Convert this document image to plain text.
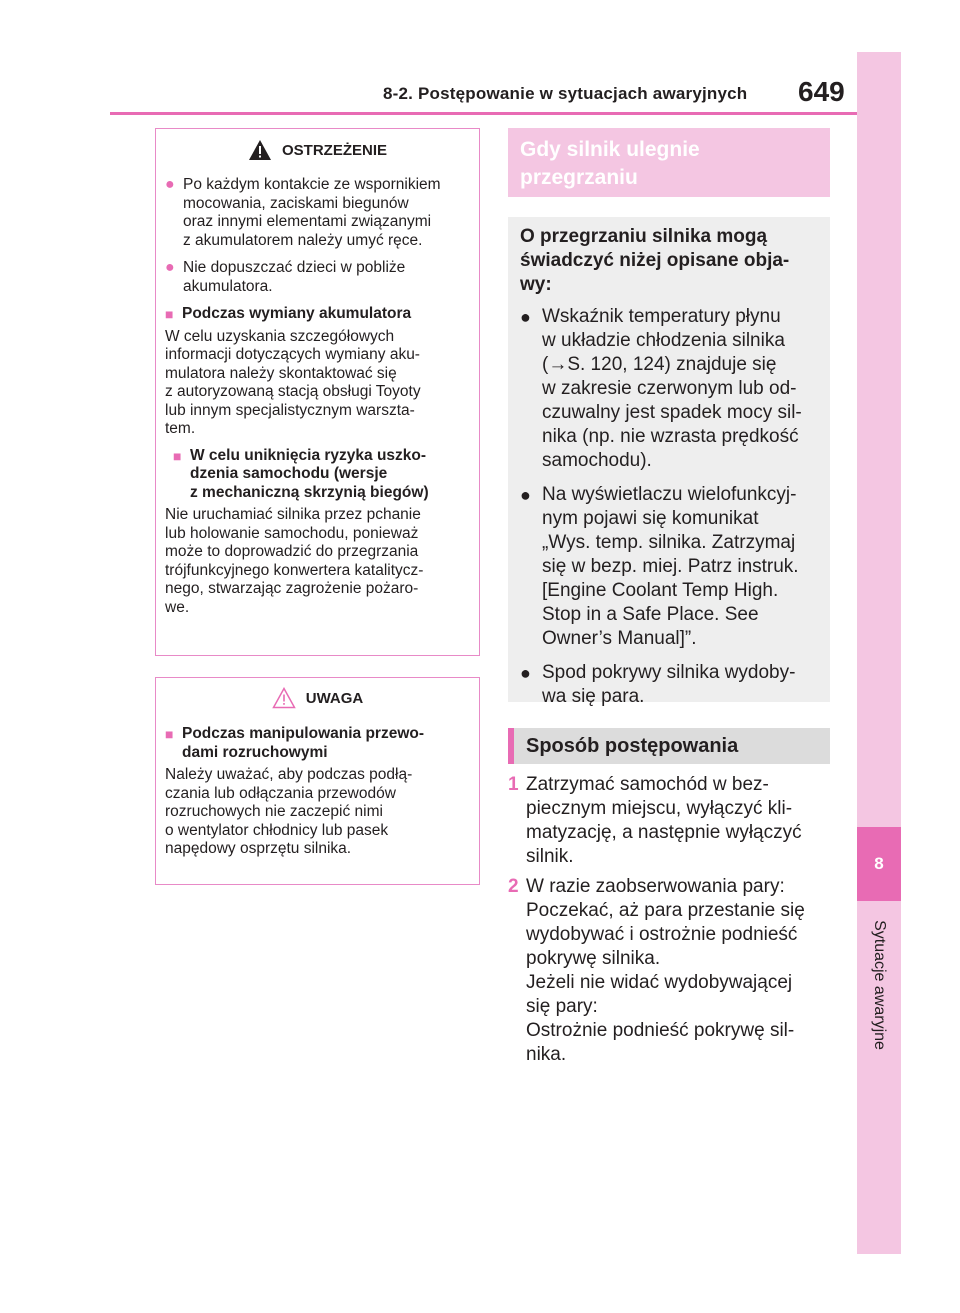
8-2. Postępowanie w sytuacjach awaryjnych 649
8
Sytuacje awaryjne
OSTRZEŻENIE
● Po każdym kontakcie ze wspornikiem
mocowania, zaciskami biegunów
oraz innymi elementami związanymi
z akumulatorem należy umyć ręce.
● Nie dopuszczać dzieci w pobliże
akumulatora.
■ Podczas wymiany akumulatora
W celu uzyskania szczegółowych
informacji dotyczących wymiany aku-
mulatora należy skontaktować się
z autoryzowaną stacją obsługi Toyoty
lub innym specjalistycznym warszta-
tem.
■ W celu uniknięcia ryzyka uszko-
dzenia samochodu (wersje
z mechaniczną skrzynią biegów)
Nie uruchamiać silnika przez pchanie
lub holowanie samochodu, ponieważ
może to doprowadzić do przegrzania
trójfunkcyjnego konwertera katalitycz-
nego, stwarzając zagrożenie pożaro-
we.
UWAGA
■ Podczas manipulowania przewo-
dami rozruchowymi
Należy uważać, aby podczas podłą-
czania lub odłączania przewodów
rozruchowych nie zaczepić nimi
o wentylator chłodnicy lub pasek
napędowy osprzętu silnika.
Gdy silnik ulegnie
przegrzaniu
O przegrzaniu silnika mogą
świadczyć niżej opisane obja-
wy:
● Wskaźnik temperatury płynu
w układzie chłodzenia silnika
(→S. 120, 124) znajduje się
w zakresie czerwonym lub od-
czuwalny jest spadek mocy sil-
nika (np. nie wzrasta prędkość
samochodu).
● Na wyświetlaczu wielofunkcyj-
nym pojawi się komunikat
„Wys. temp. silnika. Zatrzymaj
się w bezp. miej. Patrz instruk.
[Engine Coolant Temp High.
Stop in a Safe Place. See
Owner’s Manual]”.
● Spod pokrywy silnika wydoby-
wa się para.
Sposób postępowania
1 Zatrzymać samochód w bez-
piecznym miejscu, wyłączyć kli-
matyzację, a następnie wyłączyć
silnik.
2 W razie zaobserwowania pary:
Poczekać, aż para przestanie się
wydobywać i ostrożnie podnieść
pokrywę silnika.
Jeżeli nie widać wydobywającej
się pary:
Ostrożnie podnieść pokrywę sil-
nika.
